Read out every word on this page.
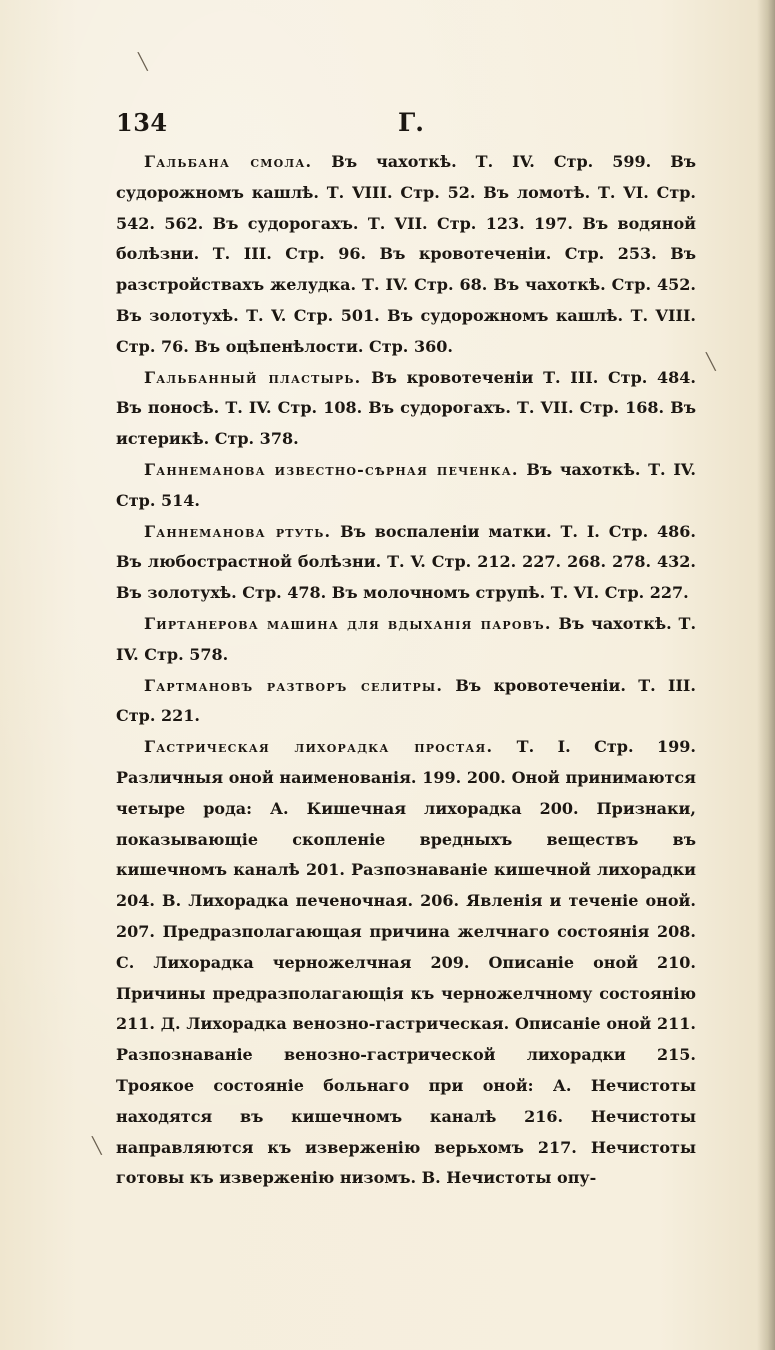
╲
╲
╲
134	Г.

Гальбана смола. Въ чахоткѣ. Т. IV. Стр. 599. Въ судорожномъ кашлѣ. Т. VIII. Стр. 52. Въ ломотѣ. Т. VI. Стр. 542. 562. Въ судорогахъ. Т. VII. Стр. 123. 197. Въ водяной болѣзни. Т. III. Стр. 96. Въ кровотеченіи. Стр. 253. Въ разстройствахъ желудка. Т. IV. Стр. 68. Въ чахоткѣ. Стр. 452. Въ золотухѣ. Т. V. Стр. 501. Въ судорожномъ кашлѣ. Т. VIII. Стр. 76. Въ оцѣпенѣлости. Стр. 360.

Гальбанный пластырь. Въ кровотеченіи Т. III. Стр. 484. Въ поносѣ. Т. IV. Стр. 108. Въ судорогахъ. Т. VII. Стр. 168. Въ истерикѣ. Стр. 378.

Ганнеманова известно-сѣрная печенка. Въ чахоткѣ. Т. IV. Стр. 514.

Ганнеманова ртуть. Въ воспаленіи матки. Т. I. Стр. 486. Въ любострастной болѣзни. Т. V. Стр. 212. 227. 268. 278. 432. Въ золотухѣ. Стр. 478. Въ молочномъ струпѣ. Т. VI. Стр. 227.

Гиртанерова машина для вдыханія паровъ. Въ чахоткѣ. Т. IV. Стр. 578.

Гартмановъ разтворъ селитры. Въ кровотеченіи. Т. III. Стр. 221.

Гастрическая лихорадка простая. Т. I. Стр. 199. Различныя оной наименованія. 199. 200. Оной принимаются четыре рода: А. Кишечная лихорадка 200. Признаки, показывающіе скопленіе вредныхъ веществъ въ кишечномъ каналѣ 201. Разпознаваніе кишечной лихорадки 204. В. Лихорадка печеночная. 206. Явленія и теченіе оной. 207. Предразполагающая причина желчнаго состоянія 208. С. Лихорадка черножелчная 209. Описаніе оной 210. Причины предразполагающія къ черножелчному состоянію 211. Д. Лихорадка венозно-гастрическая. Описаніе оной 211. Разпознаваніе венозно-гастрической лихорадки 215. Троякое состояніе больнаго при оной: А. Нечистоты находятся въ кишечномъ каналѣ 216. Нечистоты направляются къ изверженію верьхомъ 217. Нечистоты готовы къ изверженію низомъ. В. Нечистоты опу-
